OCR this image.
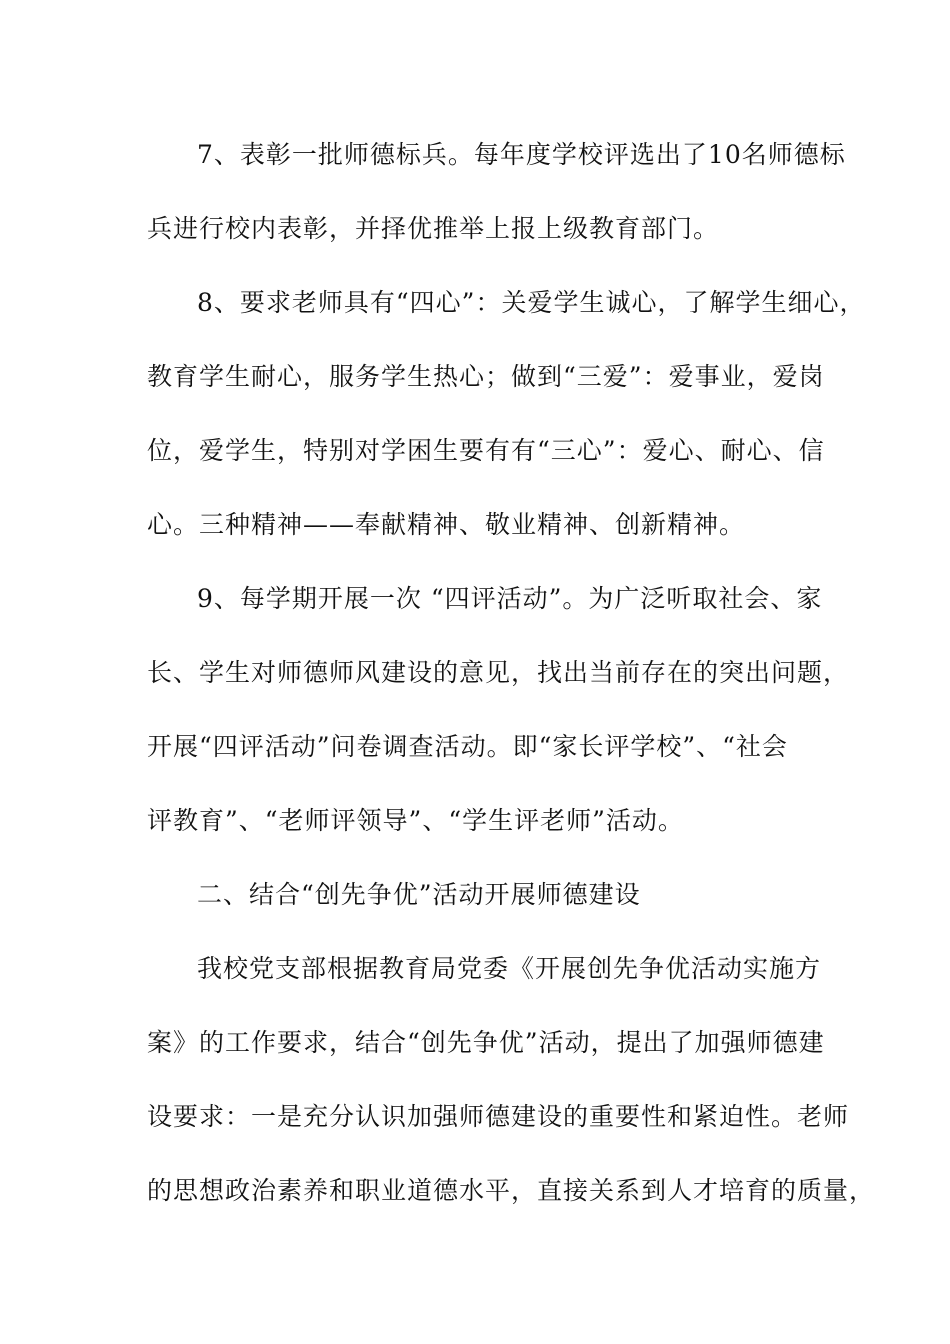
7、表彰一批师德标兵。每年度学校评选出了10名师德标
兵进行校内表彰，并择优推举上报上级教育部门。
8、要求老师具有“四心”：关爱学生诚心，了解学生细心，
教育学生耐心，服务学生热心；做到“三爱”：爱事业，爱岗
位，爱学生，特别对学困生要有有“三心”：爱心、耐心、信
心。三种精神——奉献精神、敬业精神、创新精神。
9、每学期开展一次 “四评活动”。为广泛听取社会、家
长、学生对师德师风建设的意见，找出当前存在的突出问题，
开展“四评活动”问卷调查活动。即“家长评学校”、“社会
评教育”、“老师评领导”、“学生评老师”活动。
二、结合“创先争优”活动开展师德建设
我校党支部根据教育局党委《开展创先争优活动实施方
案》的工作要求，结合“创先争优”活动，提出了加强师德建
设要求：一是充分认识加强师德建设的重要性和紧迫性。老师
的思想政治素养和职业道德水平，直接关系到人才培育的质量，
